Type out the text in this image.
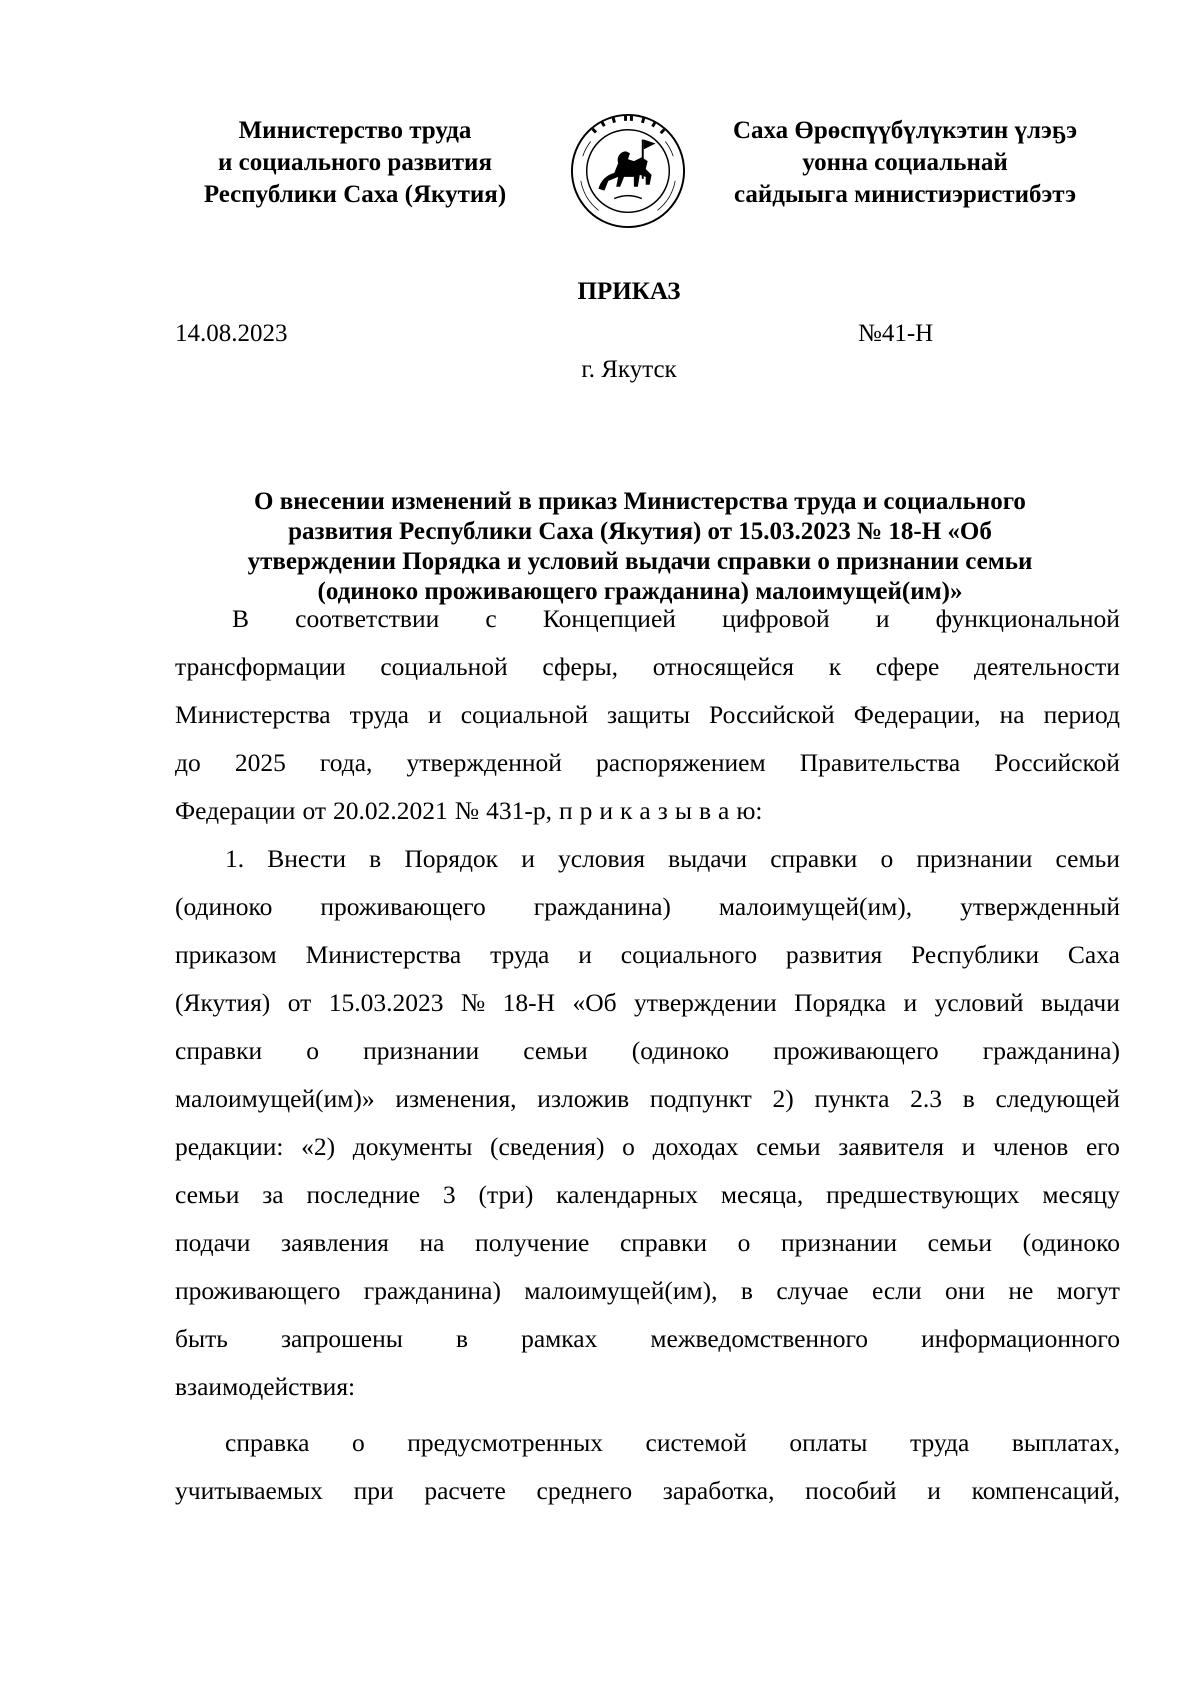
Министерство труда
и социального развития
Республики Саха (Якутия)
Саха Өрөспүүбүлүкэтин үлэҕэ
уонна социальнай
сайдыыга министиэристибэтэ
ПРИКАЗ
14.08.2023	№41-Н
г. Якутск
О внесении изменений в приказ Министерства труда и социального
развития Республики Саха (Якутия) от 15.03.2023 № 18-Н «Об
утверждении Порядка и условий выдачи справки о признании семьи
(одиноко проживающего гражданина) малоимущей(им)»
В соответствии с Концепцией цифровой и функциональной
трансформации социальной сферы, относящейся к сфере деятельности
Министерства труда и социальной защиты Российской Федерации, на период
до 2025 года, утвержденной распоряжением Правительства Российской
Федерации от 20.02.2021 № 431-р, п р и к а з ы в а ю:
1. Внести в Порядок и условия выдачи справки о признании семьи
(одиноко проживающего гражданина) малоимущей(им), утвержденный
приказом Министерства труда и социального развития Республики Саха
(Якутия) от 15.03.2023 № 18-Н «Об утверждении Порядка и условий выдачи
справки о признании семьи (одиноко проживающего гражданина)
малоимущей(им)» изменения, изложив подпункт 2) пункта 2.3 в следующей
редакции: «2) документы (сведения) о доходах семьи заявителя и членов его
семьи за последние 3 (три) календарных месяца, предшествующих месяцу
подачи заявления на получение справки о признании семьи (одиноко
проживающего гражданина) малоимущей(им), в случае если они не могут
быть запрошены в рамках межведомственного информационного
взаимодействия:
справка о предусмотренных системой оплаты труда выплатах,
учитываемых при расчете среднего заработка, пособий и компенсаций,
